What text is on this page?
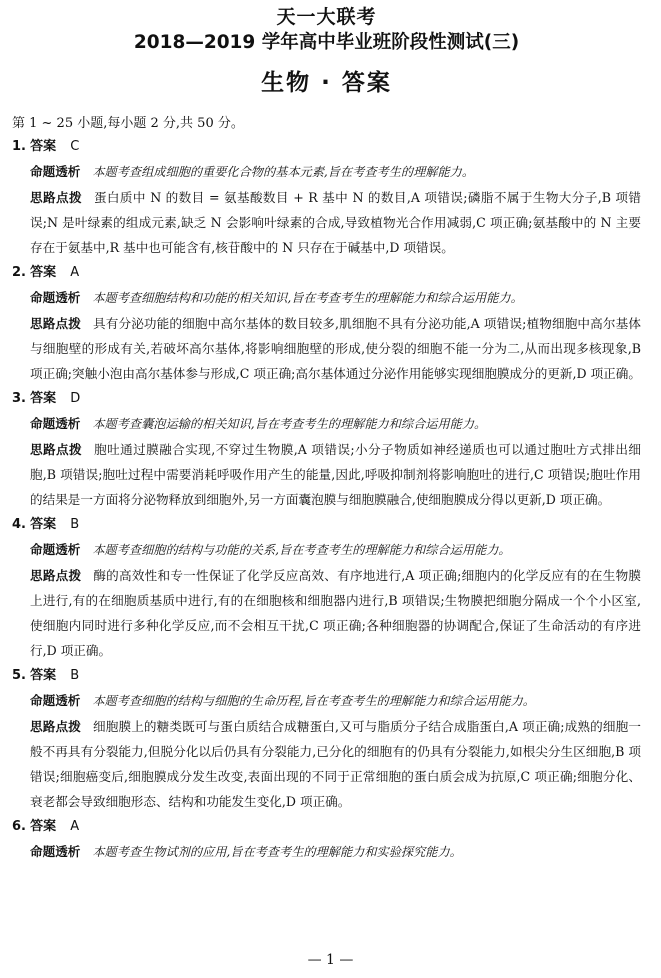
天一大联考
2018—2019 学年高中毕业班阶段性测试(三)
生物 · 答案
第 1 ~ 25 小题,每小题 2 分,共 50 分。
1. 答案 C
命题透析 本题考查组成细胞的重要化合物的基本元素,旨在考查考生的理解能力。
思路点拨 蛋白质中 N 的数目 = 氨基酸数目 + R 基中 N 的数目,A 项错误;磷脂不属于生物大分子,B 项错误;N 是叶绿素的组成元素,缺乏 N 会影响叶绿素的合成,导致植物光合作用减弱,C 项正确;氨基酸中的 N 主要存在于氨基中,R 基中也可能含有,核苷酸中的 N 只存在于碱基中,D 项错误。
2. 答案 A
命题透析 本题考查细胞结构和功能的相关知识,旨在考查考生的理解能力和综合运用能力。
思路点拨 具有分泌功能的细胞中高尔基体的数目较多,肌细胞不具有分泌功能,A 项错误;植物细胞中高尔基体与细胞壁的形成有关,若破坏高尔基体,将影响细胞壁的形成,使分裂的细胞不能一分为二,从而出现多核现象,B 项正确;突触小泡由高尔基体参与形成,C 项正确;高尔基体通过分泌作用能够实现细胞膜成分的更新,D 项正确。
3. 答案 D
命题透析 本题考查囊泡运输的相关知识,旨在考查考生的理解能力和综合运用能力。
思路点拨 胞吐通过膜融合实现,不穿过生物膜,A 项错误;小分子物质如神经递质也可以通过胞吐方式排出细胞,B 项错误;胞吐过程中需要消耗呼吸作用产生的能量,因此,呼吸抑制剂将影响胞吐的进行,C 项错误;胞吐作用的结果是一方面将分泌物释放到细胞外,另一方面囊泡膜与细胞膜融合,使细胞膜成分得以更新,D 项正确。
4. 答案 B
命题透析 本题考查细胞的结构与功能的关系,旨在考查考生的理解能力和综合运用能力。
思路点拨 酶的高效性和专一性保证了化学反应高效、有序地进行,A 项正确;细胞内的化学反应有的在生物膜上进行,有的在细胞质基质中进行,有的在细胞核和细胞器内进行,B 项错误;生物膜把细胞分隔成一个个小区室,使细胞内同时进行多种化学反应,而不会相互干扰,C 项正确;各种细胞器的协调配合,保证了生命活动的有序进行,D 项正确。
5. 答案 B
命题透析 本题考查细胞的结构与细胞的生命历程,旨在考查考生的理解能力和综合运用能力。
思路点拨 细胞膜上的糖类既可与蛋白质结合成糖蛋白,又可与脂质分子结合成脂蛋白,A 项正确;成熟的细胞一般不再具有分裂能力,但脱分化以后仍具有分裂能力,已分化的细胞有的仍具有分裂能力,如根尖分生区细胞,B 项错误;细胞癌变后,细胞膜成分发生改变,表面出现的不同于正常细胞的蛋白质会成为抗原,C 项正确;细胞分化、衰老都会导致细胞形态、结构和功能发生变化,D 项正确。
6. 答案 A
命题透析 本题考查生物试剂的应用,旨在考查考生的理解能力和实验探究能力。
— 1 —
